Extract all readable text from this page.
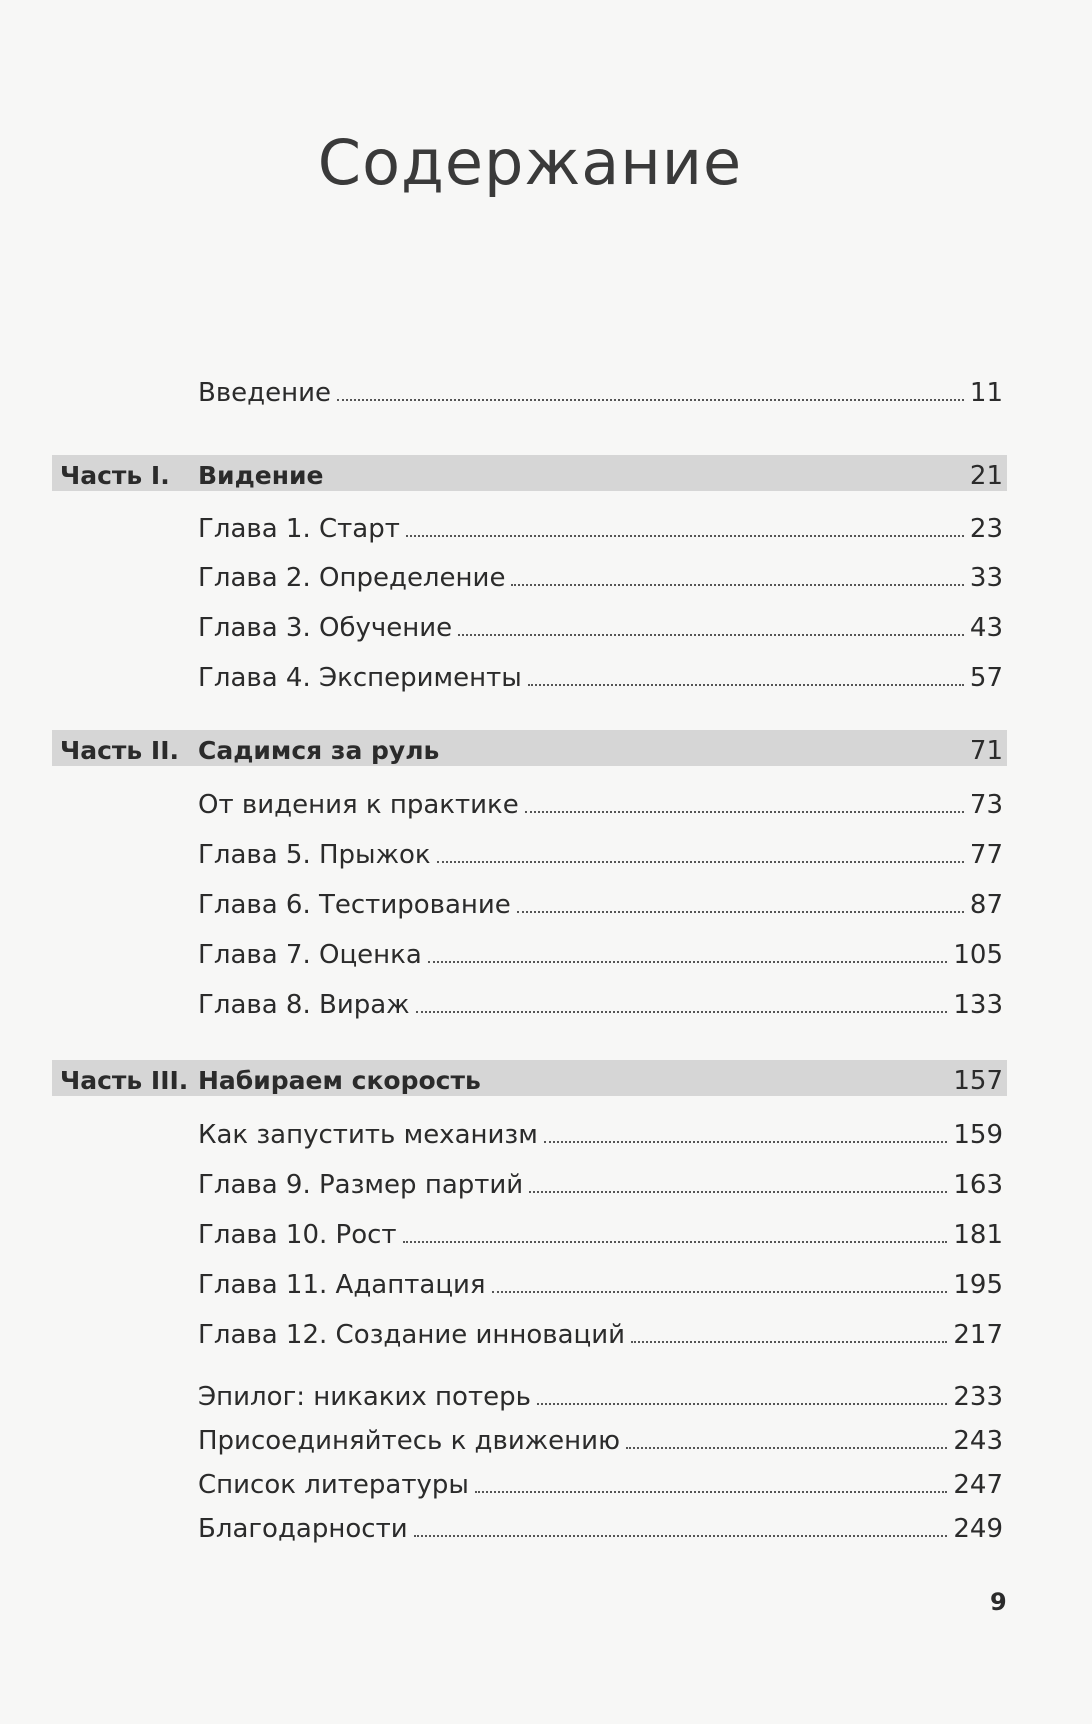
Содержание
Введение	11
Часть I.	Видение	21
Глава 1. Старт	23
Глава 2. Определение	33
Глава 3. Обучение	43
Глава 4. Эксперименты	57
Часть II. Садимся за руль	71
От видения к практике	73
Глава 5. Прыжок	77
Глава 6. Тестирование	87
Глава 7. Оценка	105
Глава 8. Вираж	133
Часть III. Набираем скорость	157
Как запустить механизм	159
Глава 9. Размер партий	163
Глава 10. Рост	181
Глава 11. Адаптация	195
Глава 12. Создание инноваций	217
Эпилог: никаких потерь	233
Присоединяйтесь к движению	243
Список литературы	247
Благодарности	249
9
